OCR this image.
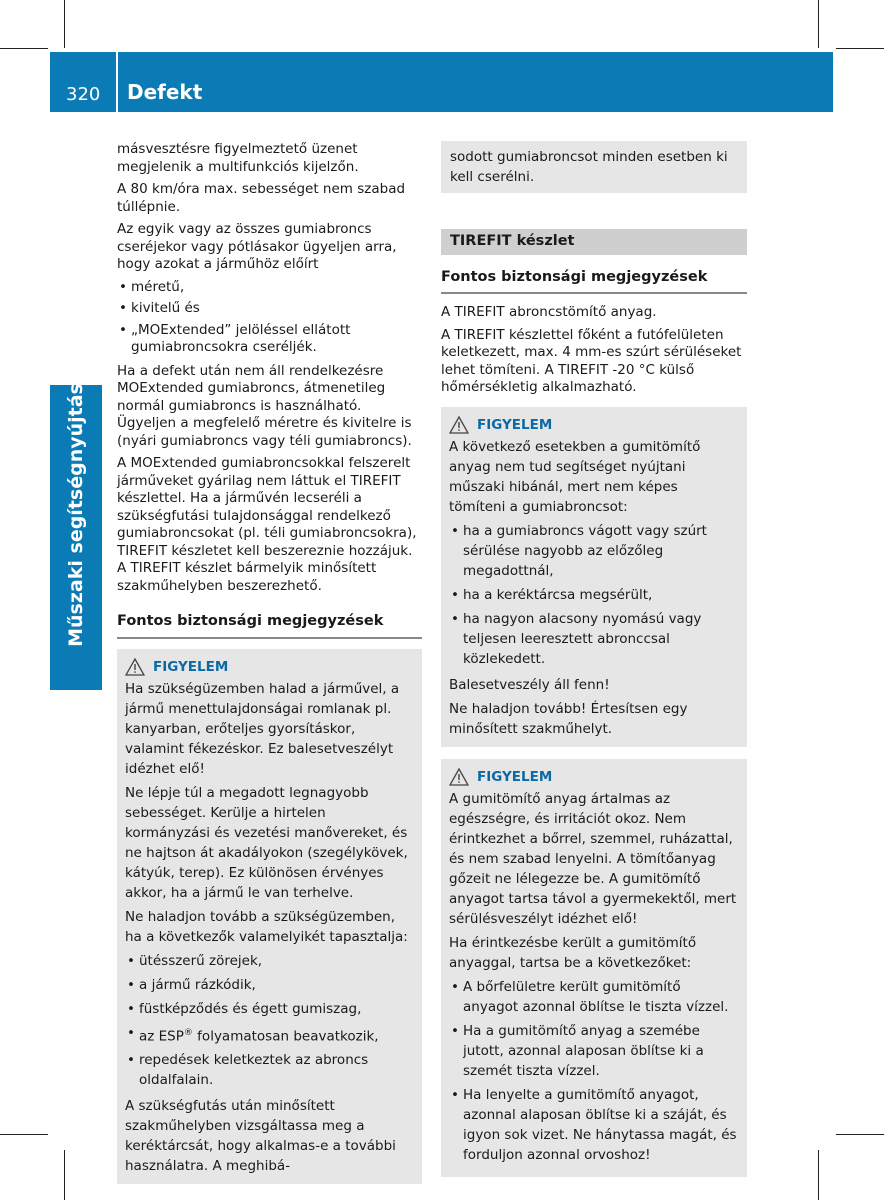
320 Defekt
Műszaki segítségnyújtás

másvesztésre figyelmeztető üzenet megjelenik a multifunkciós kijelzőn.

A 80 km/óra max. sebességet nem szabad túllépnie.

Az egyik vagy az összes gumiabroncs cseréjekor vagy pótlásakor ügyeljen arra, hogy azokat a járműhöz előírt

• méretű,
• kivitelű és
• „MOExtended” jelöléssel ellátott gumiabroncsokra cseréljék.

Ha a defekt után nem áll rendelkezésre MOExtended gumiabroncs, átmenetileg normál gumiabroncs is használható. Ügyeljen a megfelelő méretre és kivitelre is (nyári gumiabroncs vagy téli gumiabroncs).

A MOExtended gumiabroncsokkal felszerelt járműveket gyárilag nem láttuk el TIREFIT készlettel. Ha a járművén lecseréli a szükségfutási tulajdonsággal rendelkező gumiabroncsokat (pl. téli gumiabroncsokra), TIREFIT készletet kell beszereznie hozzájuk. A TIREFIT készlet bármelyik minősített szakműhelyben beszerezhető.

Fontos biztonsági megjegyzések
FIGYELEM

Ha szükségüzemben halad a járművel, a jármű menettulajdonságai romlanak pl. kanyarban, erőteljes gyorsításkor, valamint fékezéskor. Ez balesetveszélyt idézhet elő!

Ne lépje túl a megadott legnagyobb sebességet. Kerülje a hirtelen kormányzási és vezetési manővereket, és ne hajtson át akadályokon (szegélykövek, kátyúk, terep). Ez különösen érvényes akkor, ha a jármű le van terhelve.

Ne haladjon tovább a szükségüzemben, ha a következők valamelyikét tapasztalja:

• ütésszerű zörejek,
• a jármű rázkódik,
• füstképződés és égett gumiszag,
• az ESP® folyamatosan beavatkozik,
• repedések keletkeztek az abroncs oldalfalain.

A szükségfutás után minősített szakműhelyben vizsgáltassa meg a keréktárcsát, hogy alkalmas-e a további használatra. A meghibá-

sodott gumiabroncsot minden esetben ki kell cserélni.
TIREFIT készlet
Fontos biztonsági megjegyzések

A TIREFIT abroncstömítő anyag.

A TIREFIT készlettel főként a futófelületen keletkezett, max. 4 mm-es szúrt sérüléseket lehet tömíteni. A TIREFIT -20 °C külső hőmérsékletig alkalmazható.

FIGYELEM

A következő esetekben a gumitömítő anyag nem tud segítséget nyújtani műszaki hibánál, mert nem képes tömíteni a gumiabroncsot:

• ha a gumiabroncs vágott vagy szúrt sérülése nagyobb az előzőleg megadottnál,
• ha a keréktárcsa megsérült,
• ha nagyon alacsony nyomású vagy teljesen leeresztett abronccsal közlekedett.

Balesetveszély áll fenn!

Ne haladjon tovább! Értesítsen egy minősített szakműhelyt.

FIGYELEM

A gumitömítő anyag ártalmas az egészségre, és irritációt okoz. Nem érintkezhet a bőrrel, szemmel, ruházattal, és nem szabad lenyelni. A tömítőanyag gőzeit ne lélegezze be. A gumitömítő anyagot tartsa távol a gyermekektől, mert sérülésveszélyt idézhet elő!

Ha érintkezésbe került a gumitömítő anyaggal, tartsa be a következőket:

• A bőrfelületre került gumitömítő anyagot azonnal öblítse le tiszta vízzel.
• Ha a gumitömítő anyag a szemébe jutott, azonnal alaposan öblítse ki a szemét tiszta vízzel.
• Ha lenyelte a gumitömítő anyagot, azonnal alaposan öblítse ki a száját, és igyon sok vizet. Ne hánytassa magát, és forduljon azonnal orvoshoz!
